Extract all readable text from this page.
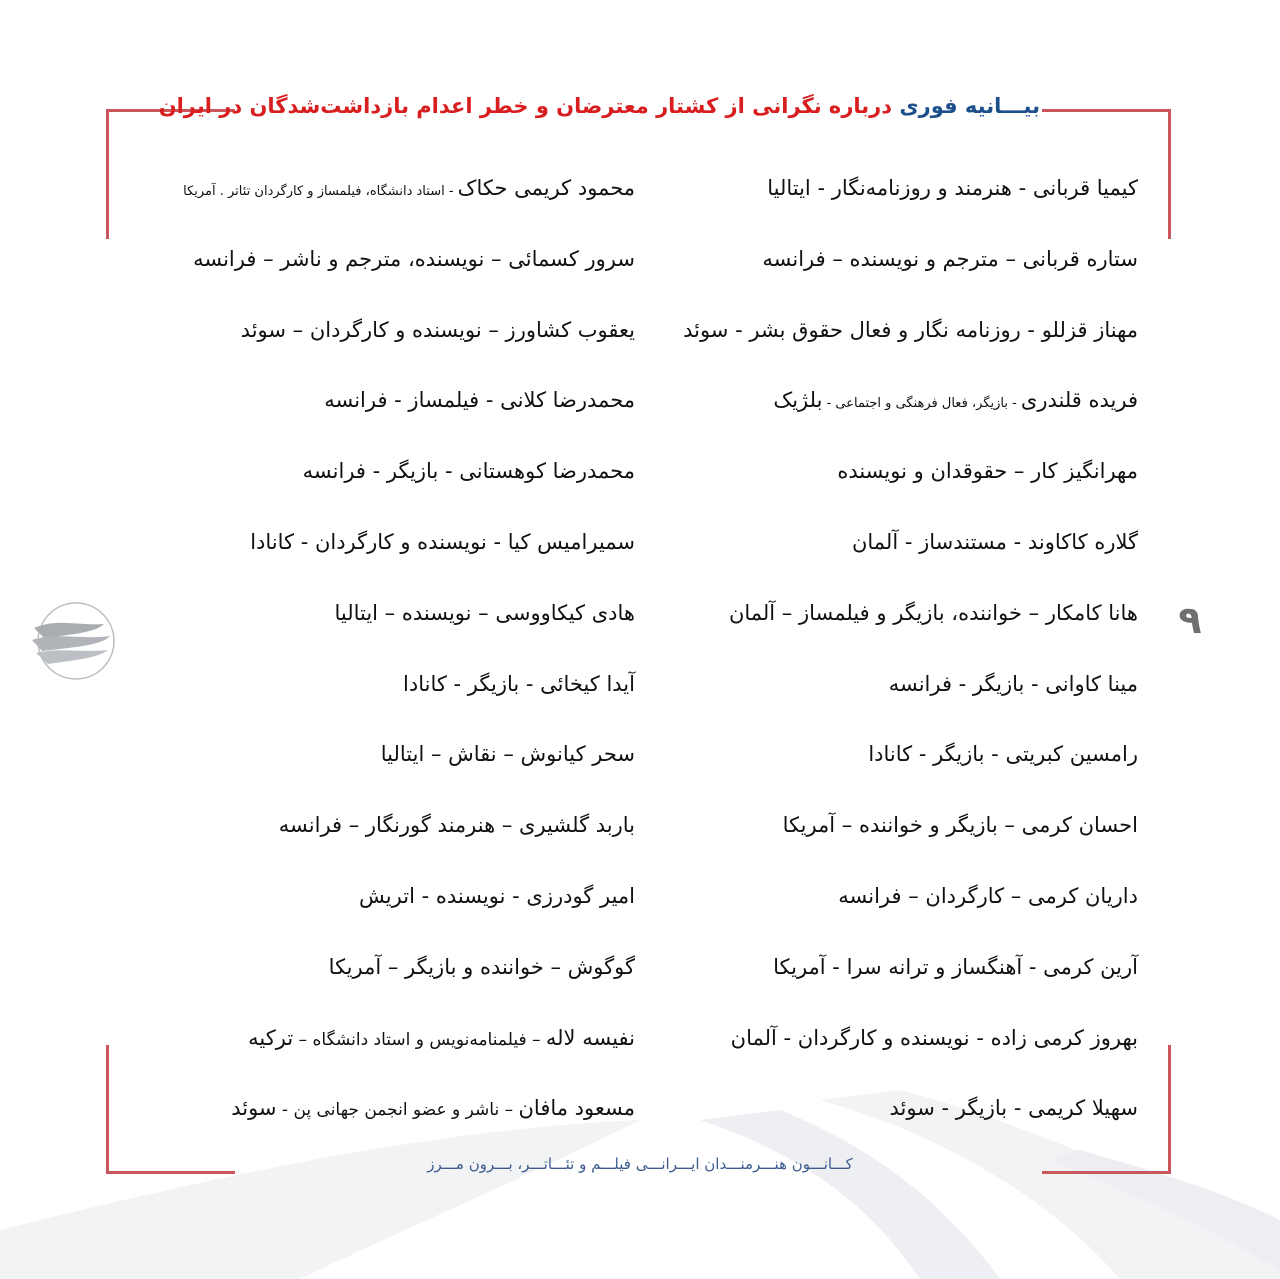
بیـــانیه فوری درباره نگرانی از کشتار معترضان و خطر اعدام بازداشت‌شدگان در ایران
کیمیا قربانی - هنرمند و روزنامه‌نگار - ایتالیا
ستاره قربانی – مترجم و نویسنده – فرانسه
مهناز قزللو - روزنامه نگار و فعال حقوق بشر - سوئد
فریده قلندری - بازیگر، فعال فرهنگی و اجتماعی - بلژیک
مهرانگیز کار – حقوقدان و نویسنده
گلاره کاکاوند - مستندساز - آلمان
هانا کامکار – خواننده، بازیگر و فیلمساز – آلمان
مینا کاوانی - بازیگر - فرانسه
رامسین کبریتی - بازیگر - کانادا
احسان کرمی – بازیگر و خواننده – آمریکا
داریان کرمی – کارگردان – فرانسه
آرین کرمی - آهنگساز و ترانه سرا - آمریکا
بهروز کرمی زاده - نویسنده و کارگردان - آلمان
سهیلا کریمی - بازیگر - سوئد
محمود کریمی حکاک - استاد دانشگاه، فیلمساز و کارگردان تئاتر . آمریکا
سرور کسمائی – نویسنده، مترجم و ناشر – فرانسه
یعقوب کشاورز – نویسنده و کارگردان – سوئد
محمدرضا کلانی - فیلمساز - فرانسه
محمدرضا کوهستانی - بازیگر - فرانسه
سمیرامیس کیا - نویسنده و کارگردان - کانادا
هادی کیکاووسی – نویسنده – ایتالیا
آیدا کیخائی - بازیگر - کانادا
سحر کیانوش – نقاش – ایتالیا
باربد گلشیری – هنرمند گورنگار – فرانسه
امیر گودرزی - نویسنده - اتریش
گوگوش – خواننده و بازیگر – آمریکا
نفیسه لاله – فیلمنامه‌نویس و استاد دانشگاه – ترکیه
مسعود مافان – ناشر و عضو انجمن جهانی پن - سوئد
۹
کـــانـــون هنـــرمنـــدان ایـــرانـــی فیلـــم و تئـــاتـــر، بـــرون مـــرز
